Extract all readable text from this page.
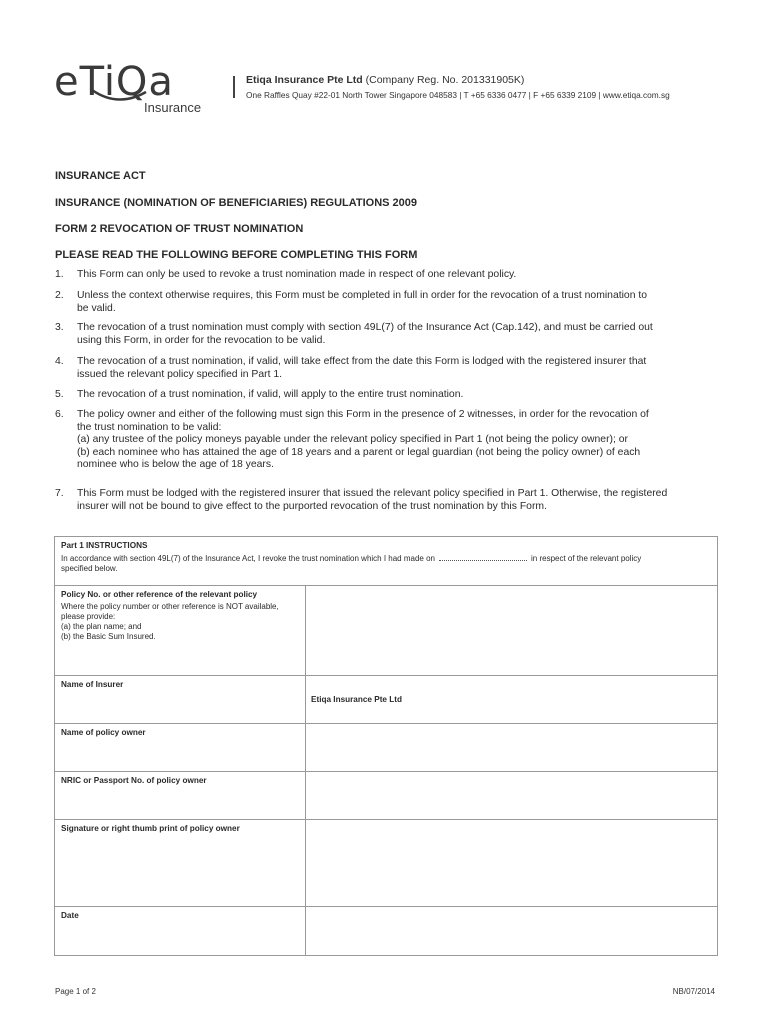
eTiQa
Insurance
Etiqa Insurance Pte Ltd (Company Reg. No. 201331905K)
One Raffles Quay #22-01 North Tower Singapore 048583 | T +65 6336 0477 | F +65 6339 2109 | www.etiqa.com.sg
INSURANCE ACT
INSURANCE (NOMINATION OF BENEFICIARIES) REGULATIONS 2009
FORM 2 REVOCATION OF TRUST NOMINATION
PLEASE READ THE FOLLOWING BEFORE COMPLETING THIS FORM
1. This Form can only be used to revoke a trust nomination made in respect of one relevant policy.
2. Unless the context otherwise requires, this Form must be completed in full in order for the revocation of a trust nomination to
be valid.
3. The revocation of a trust nomination must comply with section 49L(7) of the Insurance Act (Cap.142), and must be carried out
using this Form, in order for the revocation to be valid.
4. The revocation of a trust nomination, if valid, will take effect from the date this Form is lodged with the registered insurer that
issued the relevant policy specified in Part 1.
5. The revocation of a trust nomination, if valid, will apply to the entire trust nomination.
6. The policy owner and either of the following must sign this Form in the presence of 2 witnesses, in order for the revocation of
the trust nomination to be valid:
(a) any trustee of the policy moneys payable under the relevant policy specified in Part 1 (not being the policy owner); or
(b) each nominee who has attained the age of 18 years and a parent or legal guardian (not being the policy owner) of each
nominee who is below the age of 18 years.
7. This Form must be lodged with the registered insurer that issued the relevant policy specified in Part 1. Otherwise, the registered
insurer will not be bound to give effect to the purported revocation of the trust nomination by this Form.
Part 1 INSTRUCTIONS
In accordance with section 49L(7) of the Insurance Act, I revoke the trust nomination which I had made on	in respect of the relevant policy
specified below.
Policy No. or other reference of the relevant policy
Where the policy number or other reference is NOT available,
please provide:
(a) the plan name; and
(b) the Basic Sum Insured.
Name of Insurer
Etiqa Insurance Pte Ltd
Name of policy owner
NRIC or Passport No. of policy owner
Signature or right thumb print of policy owner
Date
Page 1 of 2	NB/07/2014
